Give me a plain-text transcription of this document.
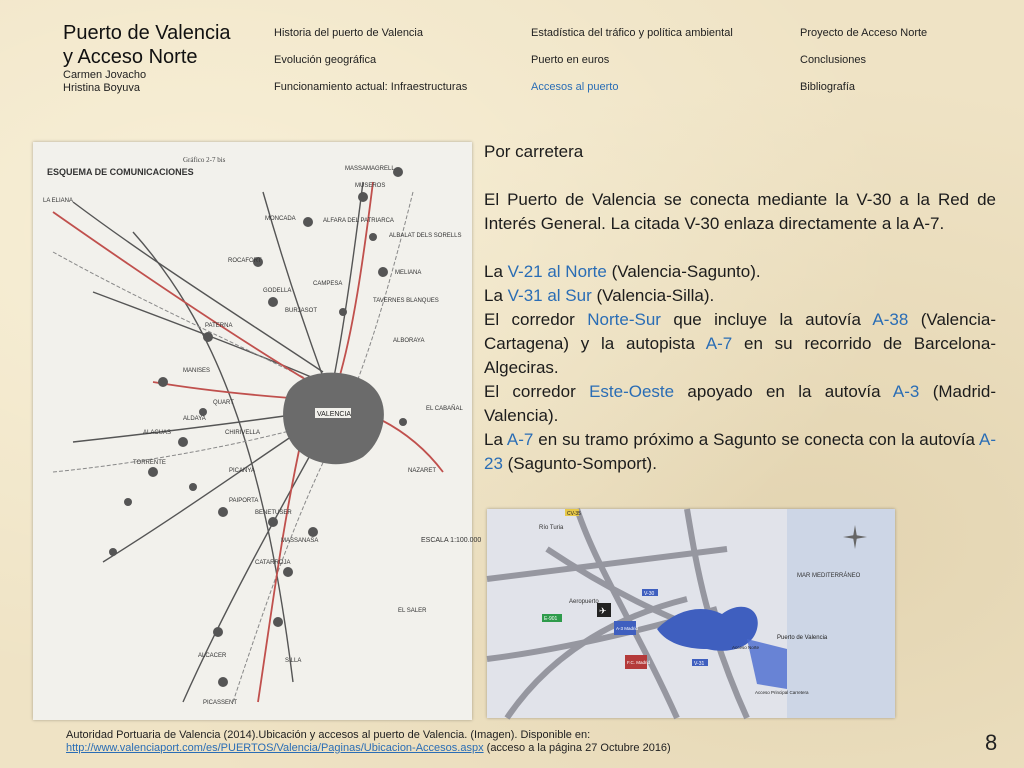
Puerto de Valencia
y Acceso Norte
Carmen Jovacho
Hristina Boyuva
Historia del puerto de Valencia
Evolución geográfica
Funcionamiento actual: Infraestructuras
Estadística del tráfico y política ambiental
Puerto en euros
Accesos al puerto
Proyecto de Acceso Norte
Conclusiones
Bibliografía
Gráfico 2-7 bis
ESQUEMA DE COMUNICACIONES
VALENCIA
LA ELIANA
MUSEROS
MASSAMAGRELL
MONCADA	ALFARA DEL PATRIARCA
ALBALAT DELS SORELLS
MELIANA
GODELLA
BURJASOT
PATERNA
CAMPESA
MANISES
QUART
ALDAYA
ALACUAS	CHIRIVELLA
TORRENTE
PICANYA
PAIPORTA
BENETUSER
MASSANASA
CATARROJA
SILLA
ALCACER
PICASSENT
EL SALER
NAZARET
EL CABAÑAL
ALBORAYA
ROCAFORT
TAVERNES BLANQUES
ESCALA 1:100.000

Por carretera

El Puerto de Valencia se conecta mediante la V-30 a la Red de Interés General. La citada V-30 enlaza directamente a la A-7.

La V-21 al Norte (Valencia-Sagunto).

La V-31 al Sur (Valencia-Silla).

El corredor Norte-Sur que incluye la autovía A-38 (Valencia-Cartagena) y la autopista A-7 en su recorrido de Barcelona-Algeciras.

El corredor Este-Oeste apoyado en la autovía A-3 (Madrid-Valencia).

La A-7 en su tramo próximo a Sagunto se conecta con la autovía A-23 (Sagunto-Somport).

CV-35
Río Turia
MAR MEDITERRÁNEO
✈
Aeropuerto
V-30
E-901
A-3 Madrid
F.C. Madrid	V-31
Puerto de Valencia
Acceso Norte
Acceso Principal Carretera
Autoridad Portuaria de Valencia (2014).Ubicación y accesos al puerto de Valencia. (Imagen). Disponible en:
http://www.valenciaport.com/es/PUERTOS/Valencia/Paginas/Ubicacion-Accesos.aspx (acceso a la página 27 Octubre 2016)	8
